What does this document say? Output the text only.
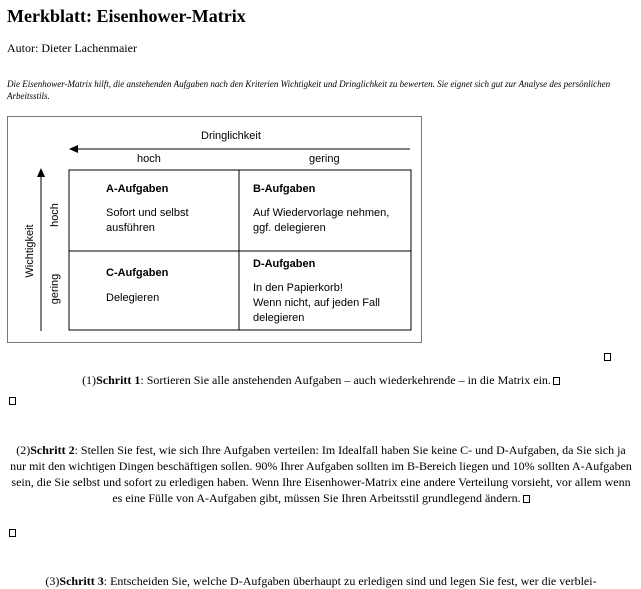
Merkblatt: Eisenhower-Matrix
Autor: Dieter Lachenmaier
Die Eisenhower-Matrix hilft, die anstehenden Aufgaben nach den Kriterien Wichtigkeit und Dringlichkeit zu bewerten. Sie eignet sich gut zur Analyse des persönlichen Arbeitsstils.
Dringlichkeit
hoch	gering
Wichtigkeit
hoch
gering
A-Aufgaben
Sofort und selbst
ausführen
B-Aufgaben
Auf Wiedervorlage nehmen,
ggf. delegieren
C-Aufgaben
Delegieren
D-Aufgaben
In den Papierkorb!
Wenn nicht, auf jeden Fall
delegieren
(1)Schritt 1: Sortieren Sie alle anstehenden Aufgaben – auch wiederkehrende – in die Matrix ein.
(2)Schritt 2: Stellen Sie fest, wie sich Ihre Aufgaben verteilen: Im Idealfall haben Sie keine C- und D-Aufgaben, da Sie sich ja nur mit den wichtigen Dingen beschäftigen sollen. 90% Ihrer Aufgaben sollten im B-Bereich liegen und 10% sollten A-Aufgaben sein, die Sie selbst und sofort zu erledigen haben. Wenn Ihre Eisenhower-Matrix eine andere Verteilung vorsieht, vor allem wenn es eine Fülle von A-Aufgaben gibt, müssen Sie Ihren Arbeitsstil grundlegend ändern.
(3)Schritt 3: Entscheiden Sie, welche D-Aufgaben überhaupt zu erledigen sind und legen Sie fest, wer die verblei-
